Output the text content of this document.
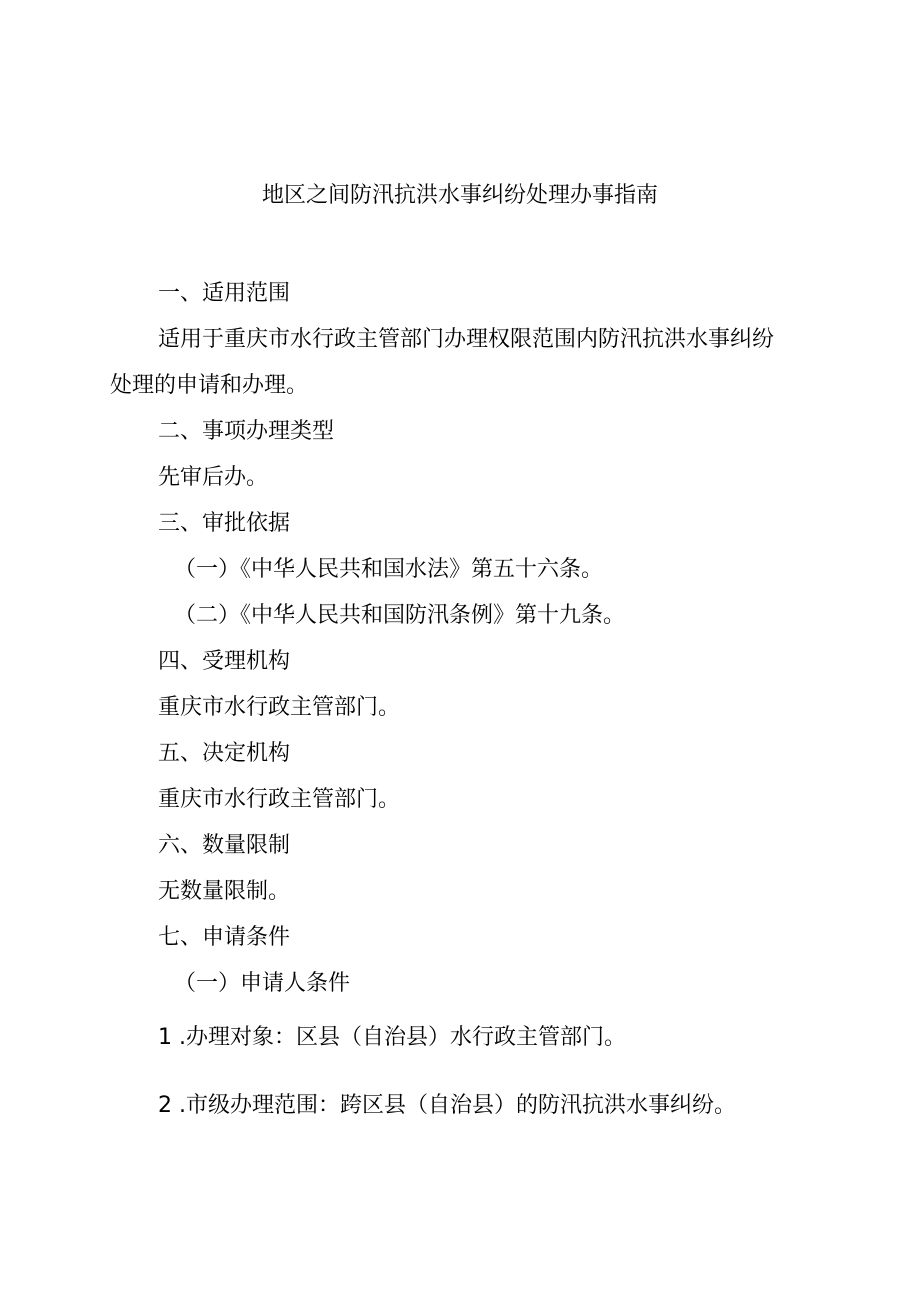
地区之间防汛抗洪水事纠纷处理办事指南
一、适用范围
适用于重庆市水行政主管部门办理权限范围内防汛抗洪水事纠纷
处理的申请和办理。
二、事项办理类型
先审后办。
三、审批依据
（一）《中华人民共和国水法》第五十六条。
（二）《中华人民共和国防汛条例》第十九条。
四、受理机构
重庆市水行政主管部门。
五、决定机构
重庆市水行政主管部门。
六、数量限制
无数量限制。
七、申请条件
（一）申请人条件
1 .办理对象：区县（自治县）水行政主管部门。
2 .市级办理范围：跨区县（自治县）的防汛抗洪水事纠纷。
